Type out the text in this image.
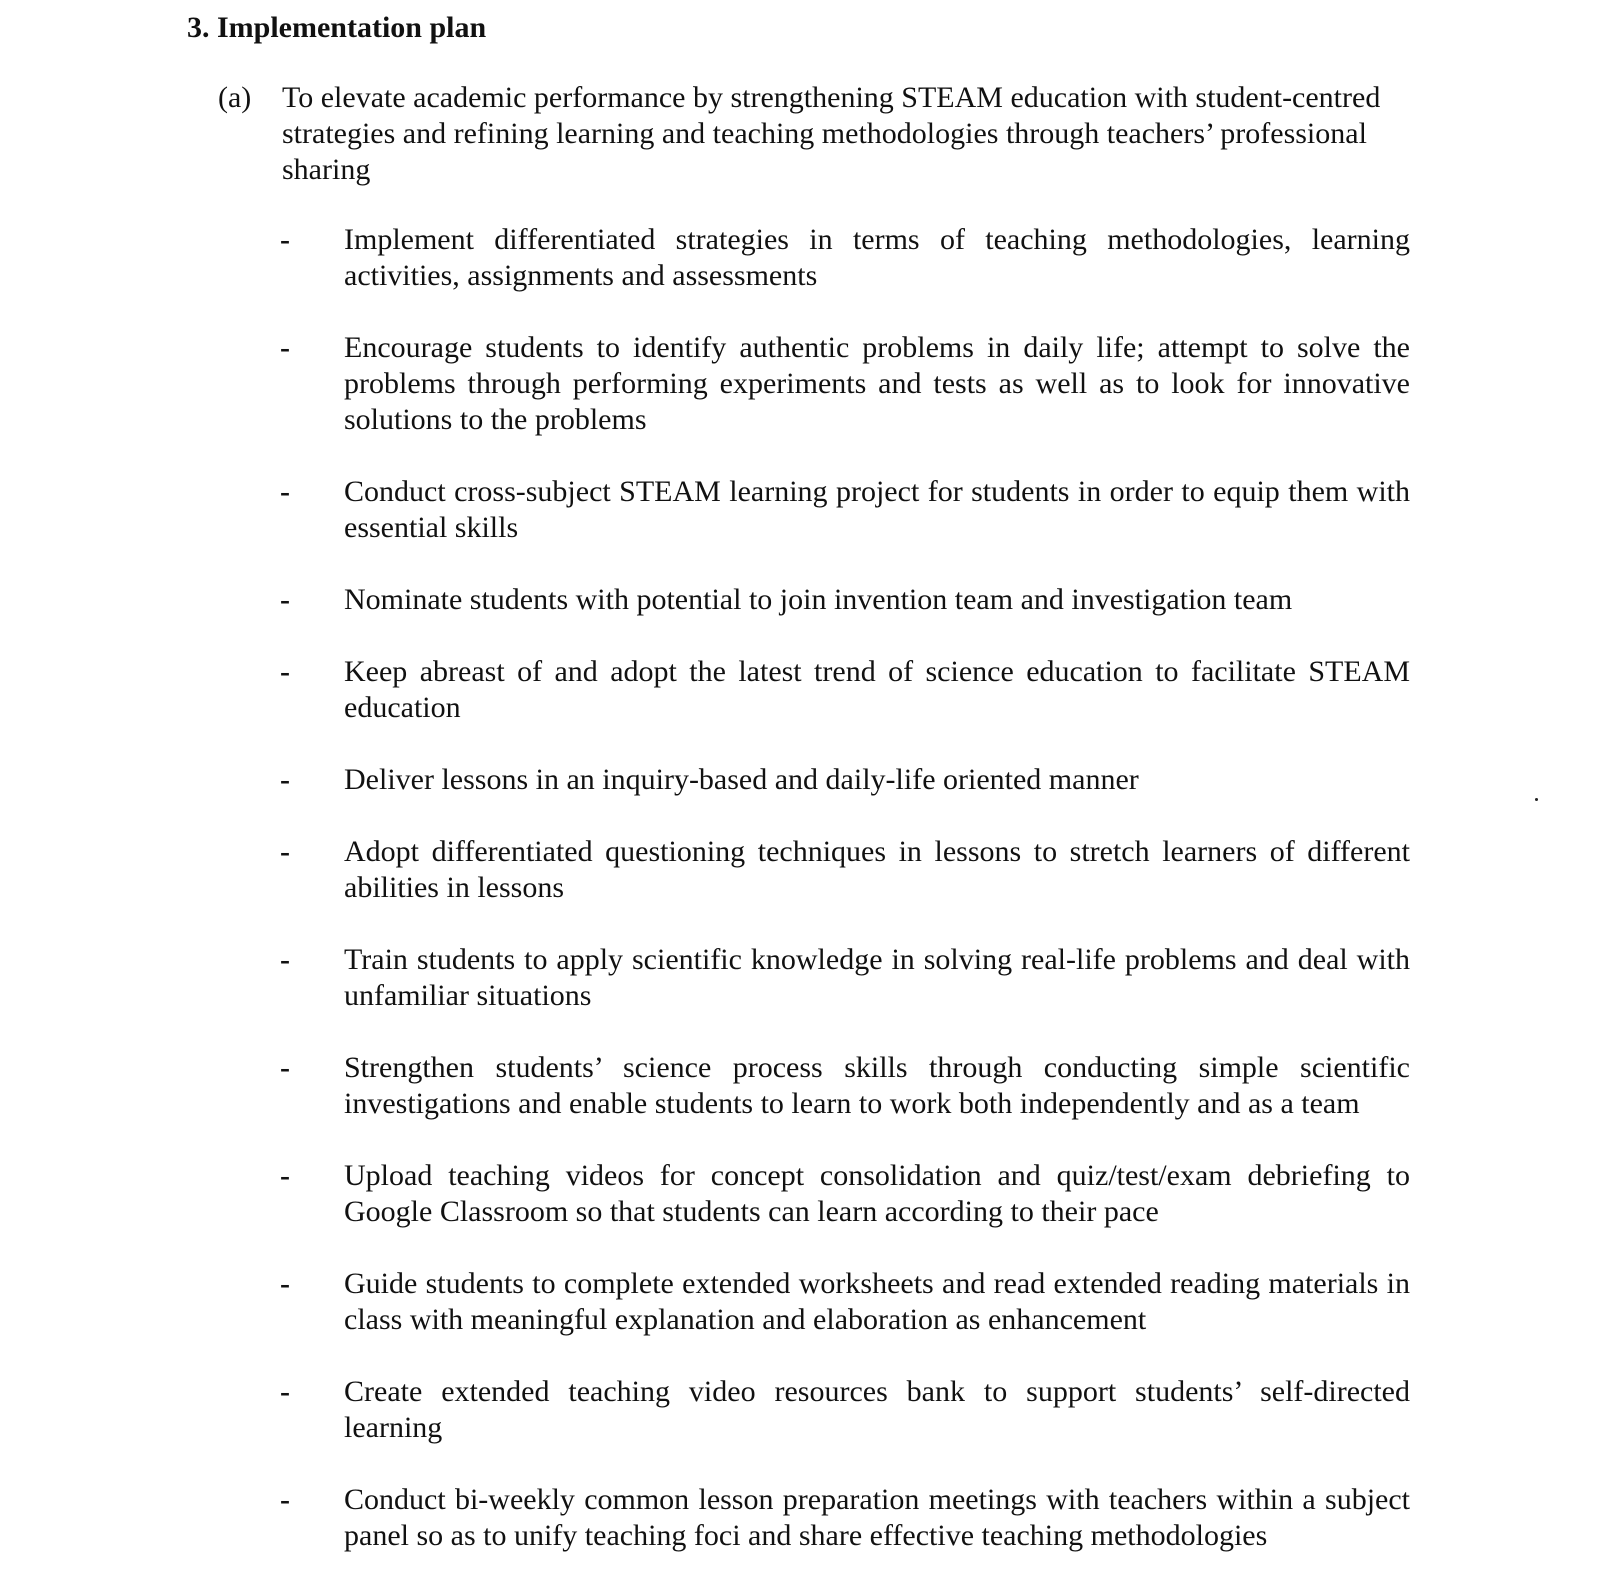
3. Implementation plan
(a) To elevate academic performance by strengthening STEAM education with student-centred strategies and refining learning and teaching methodologies through teachers’ professional sharing
- Implement differentiated strategies in terms of teaching methodologies, learning activities, assignments and assessments
- Encourage students to identify authentic problems in daily life; attempt to solve the problems through performing experiments and tests as well as to look for innovative solutions to the problems
- Conduct cross-subject STEAM learning project for students in order to equip them with essential skills
- Nominate students with potential to join invention team and investigation team
- Keep abreast of and adopt the latest trend of science education to facilitate STEAM education
- Deliver lessons in an inquiry-based and daily-life oriented manner
- Adopt differentiated questioning techniques in lessons to stretch learners of different abilities in lessons
- Train students to apply scientific knowledge in solving real-life problems and deal with unfamiliar situations
- Strengthen students’ science process skills through conducting simple scientific investigations and enable students to learn to work both independently and as a team
- Upload teaching videos for concept consolidation and quiz/test/exam debriefing to Google Classroom so that students can learn according to their pace
- Guide students to complete extended worksheets and read extended reading materials in class with meaningful explanation and elaboration as enhancement
- Create extended teaching video resources bank to support students’ self-directed learning
- Conduct bi-weekly common lesson preparation meetings with teachers within a subject panel so as to unify teaching foci and share effective teaching methodologies
